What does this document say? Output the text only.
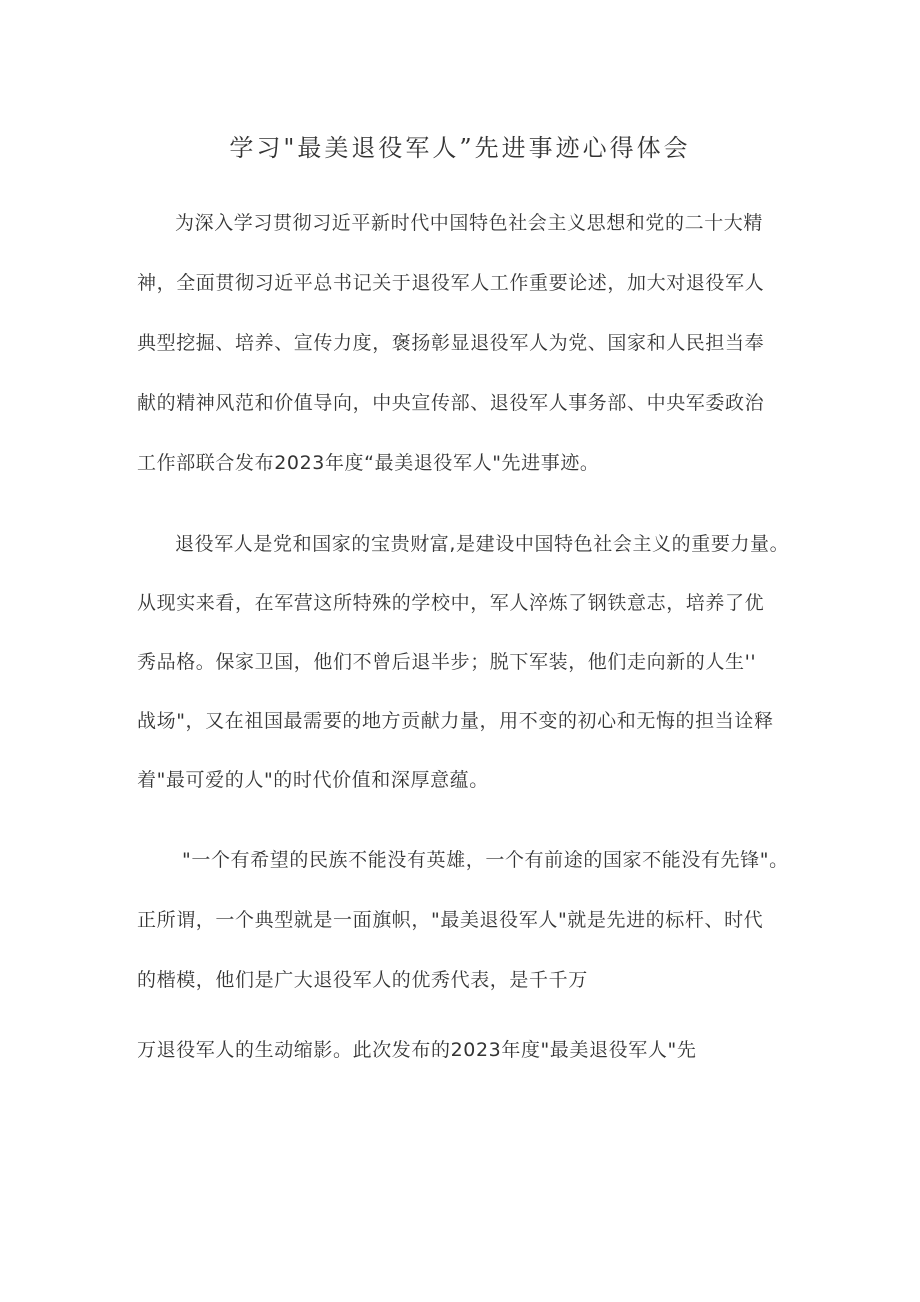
学习"最美退役军人”先进事迹心得体会
为深入学习贯彻习近平新时代中国特色社会主义思想和党的二十大精
神，全面贯彻习近平总书记关于退役军人工作重要论述，加大对退役军人
典型挖掘、培养、宣传力度，褒扬彰显退役军人为党、国家和人民担当奉
献的精神风范和价值导向，中央宣传部、退役军人事务部、中央军委政治
工作部联合发布2023年度“最美退役军人"先进事迹。
退役军人是党和国家的宝贵财富,是建设中国特色社会主义的重要力量。
从现实来看，在军营这所特殊的学校中，军人淬炼了钢铁意志，培养了优
秀品格。保家卫国，他们不曾后退半步；脱下军装，他们走向新的人生''
战场"，又在祖国最需要的地方贡献力量，用不变的初心和无悔的担当诠释
着"最可爱的人"的时代价值和深厚意蕴。
"一个有希望的民族不能没有英雄，一个有前途的国家不能没有先锋"。
正所谓，一个典型就是一面旗帜，"最美退役军人"就是先进的标杆、时代
的楷模，他们是广大退役军人的优秀代表，是千千万
万退役军人的生动缩影。此次发布的2023年度"最美退役军人"先
